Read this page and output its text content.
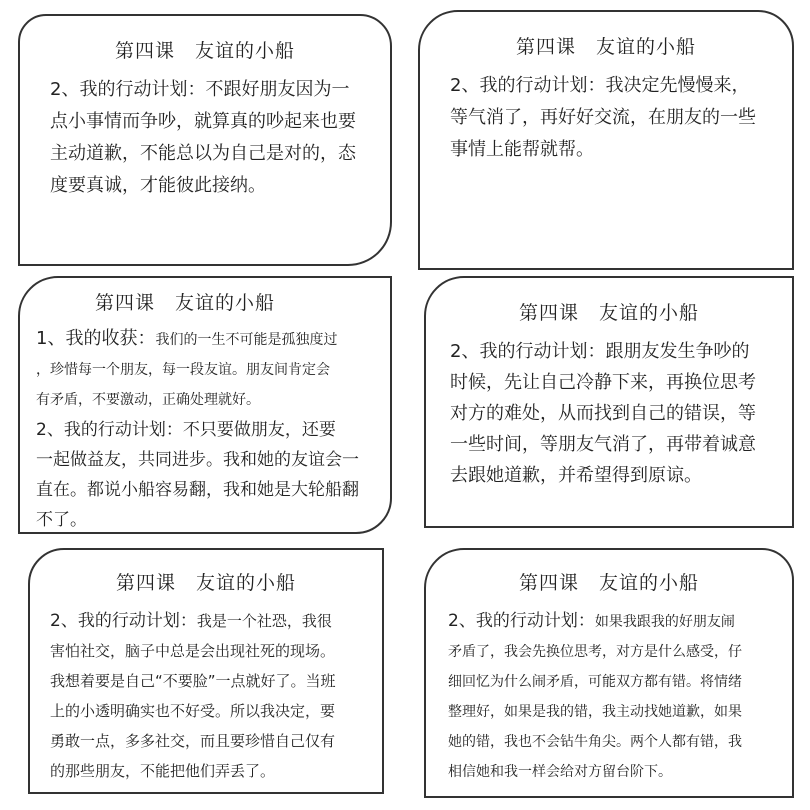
第四课　友谊的小船
2、我的行动计划：不跟好朋友因为一
点小事情而争吵，就算真的吵起来也要
主动道歉，不能总以为自己是对的，态
度要真诚，才能彼此接纳。
第四课　友谊的小船
2、我的行动计划：我决定先慢慢来，
等气消了，再好好交流，在朋友的一些
事情上能帮就帮。
第四课　友谊的小船
1、我的收获：我们的一生不可能是孤独度过
，珍惜每一个朋友，每一段友谊。朋友间肯定会
有矛盾，不要激动，正确处理就好。
2、我的行动计划：不只要做朋友，还要
一起做益友，共同进步。我和她的友谊会一
直在。都说小船容易翻，我和她是大轮船翻
不了。
第四课　友谊的小船
2、我的行动计划：跟朋友发生争吵的
时候，先让自己冷静下来，再换位思考
对方的难处，从而找到自己的错误，等
一些时间，等朋友气消了，再带着诚意
去跟她道歉，并希望得到原谅。
第四课　友谊的小船
2、我的行动计划：我是一个社恐，我很
害怕社交，脑子中总是会出现社死的现场。
我想着要是自己“不要脸”一点就好了。当班
上的小透明确实也不好受。所以我决定，要
勇敢一点，多多社交，而且要珍惜自己仅有
的那些朋友，不能把他们弄丢了。
第四课　友谊的小船
2、我的行动计划：如果我跟我的好朋友闹
矛盾了，我会先换位思考，对方是什么感受，仔
细回忆为什么闹矛盾，可能双方都有错。将情绪
整理好，如果是我的错，我主动找她道歉，如果
她的错，我也不会钻牛角尖。两个人都有错，我
相信她和我一样会给对方留台阶下。
